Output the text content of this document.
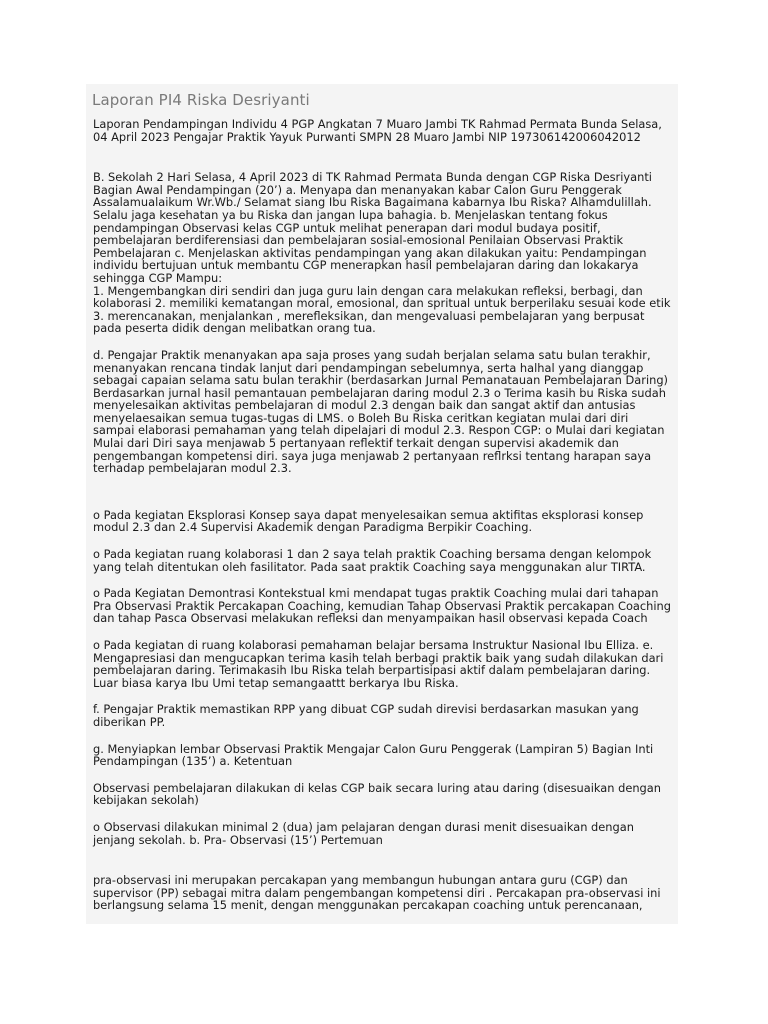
Laporan PI4 Riska Desriyanti

Laporan Pendampingan Individu 4 PGP Angkatan 7 Muaro Jambi TK Rahmad Permata Bunda Selasa, 04 April 2023 Pengajar Praktik Yayuk Purwanti SMPN 28 Muaro Jambi NIP 197306142006042012

B. Sekolah 2 Hari Selasa, 4 April 2023 di TK Rahmad Permata Bunda dengan CGP Riska Desriyanti Bagian Awal Pendampingan (20’) a. Menyapa dan menanyakan kabar Calon Guru Penggerak Assalamualaikum Wr.Wb./ Selamat siang Ibu Riska Bagaimana kabarnya Ibu Riska? Alhamdulillah. Selalu jaga kesehatan ya bu Riska dan jangan lupa bahagia. b. Menjelaskan tentang fokus pendampingan Observasi kelas CGP untuk melihat penerapan dari modul budaya positif, pembelajaran berdiferensiasi dan pembelajaran sosial-emosional Penilaian Observasi Praktik Pembelajaran c. Menjelaskan aktivitas pendampingan yang akan dilakukan yaitu: Pendampingan individu bertujuan untuk membantu CGP menerapkan hasil pembelajaran daring dan lokakarya sehingga CGP Mampu:
1. Mengembangkan diri sendiri dan juga guru lain dengan cara melakukan refleksi, berbagi, dan kolaborasi 2. memiliki kematangan moral, emosional, dan spritual untuk berperilaku sesuai kode etik
3. merencanakan, menjalankan , merefleksikan, dan mengevaluasi pembelajaran yang berpusat pada peserta didik dengan melibatkan orang tua.

d. Pengajar Praktik menanyakan apa saja proses yang sudah berjalan selama satu bulan terakhir, menanyakan rencana tindak lanjut dari pendampingan sebelumnya, serta halhal yang dianggap sebagai capaian selama satu bulan terakhir (berdasarkan Jurnal Pemanatauan Pembelajaran Daring) Berdasarkan jurnal hasil pemantauan pembelajaran daring modul 2.3 o Terima kasih bu Riska sudah menyelesaikan aktivitas pembelajaran di modul 2.3 dengan baik dan sangat aktif dan antusias menyelaesaikan semua tugas-tugas di LMS. o Boleh Bu Riska ceritkan kegiatan mulai dari diri sampai elaborasi pemahaman yang telah dipelajari di modul 2.3. Respon CGP: o Mulai dari kegiatan Mulai dari Diri saya menjawab 5 pertanyaan reflektif terkait dengan supervisi akademik dan pengembangan kompetensi diri. saya juga menjawab 2 pertanyaan reflrksi tentang harapan saya terhadap pembelajaran modul 2.3.

o Pada kegiatan Eksplorasi Konsep saya dapat menyelesaikan semua aktifitas eksplorasi konsep modul 2.3 dan 2.4 Supervisi Akademik dengan Paradigma Berpikir Coaching.

o Pada kegiatan ruang kolaborasi 1 dan 2 saya telah praktik Coaching bersama dengan kelompok yang telah ditentukan oleh fasilitator. Pada saat praktik Coaching saya menggunakan alur TIRTA.

o Pada Kegiatan Demontrasi Kontekstual kmi mendapat tugas praktik Coaching mulai dari tahapan Pra Observasi Praktik Percakapan Coaching, kemudian Tahap Observasi Praktik percakapan Coaching dan tahap Pasca Observasi melakukan refleksi dan menyampaikan hasil observasi kepada Coach

o Pada kegiatan di ruang kolaborasi pemahaman belajar bersama Instruktur Nasional Ibu Elliza. e. Mengapresiasi dan mengucapkan terima kasih telah berbagi praktik baik yang sudah dilakukan dari pembelajaran daring. Terimakasih Ibu Riska telah berpartisipasi aktif dalam pembelajaran daring. Luar biasa karya Ibu Umi tetap semangaattt berkarya Ibu Riska.

f. Pengajar Praktik memastikan RPP yang dibuat CGP sudah direvisi berdasarkan masukan yang diberikan PP.

g. Menyiapkan lembar Observasi Praktik Mengajar Calon Guru Penggerak (Lampiran 5) Bagian Inti Pendampingan (135’) a. Ketentuan

Observasi pembelajaran dilakukan di kelas CGP baik secara luring atau daring (disesuaikan dengan kebijakan sekolah)

o Observasi dilakukan minimal 2 (dua) jam pelajaran dengan durasi menit disesuaikan dengan jenjang sekolah. b. Pra- Observasi (15’) Pertemuan

pra-observasi ini merupakan percakapan yang membangun hubungan antara guru (CGP) dan supervisor (PP) sebagai mitra dalam pengembangan kompetensi diri . Percakapan pra-observasi ini berlangsung selama 15 menit, dengan menggunakan percakapan coaching untuk perencanaan,
